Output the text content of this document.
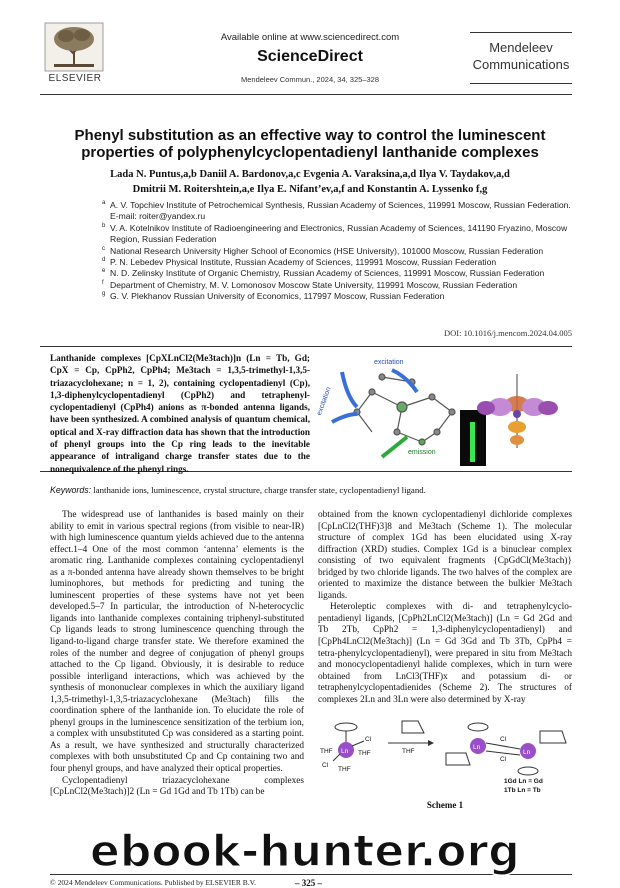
ELSEVIER
Available online at www.sciencedirect.com
ScienceDirect
Mendeleev Commun., 2024, 34, 325–328
Mendeleev
Communications
Phenyl substitution as an effective way to control the luminescent
properties of polyphenylcyclopentadienyl lanthanide complexes
Lada N. Puntus,a,b Daniil A. Bardonov,a,c Evgenia A. Varaksina,a,d Ilya V. Taydakov,a,d
Dmitrii M. Roitershtein,a,e Ilya E. Nifant’ev,a,f and Konstantin A. Lyssenko f,g
a A. V. Topchiev Institute of Petrochemical Synthesis, Russian Academy of Sciences, 119991 Moscow, Russian Federation. E-mail: roiter@yandex.ru
b V. A. Kotelnikov Institute of Radioengineering and Electronics, Russian Academy of Sciences, 141190 Fryazino, Moscow Region, Russian Federation
c National Research University Higher School of Economics (HSE University), 101000 Moscow, Russian Federation
d P. N. Lebedev Physical Institute, Russian Academy of Sciences, 119991 Moscow, Russian Federation
e N. D. Zelinsky Institute of Organic Chemistry, Russian Academy of Sciences, 119991 Moscow, Russian Federation
f Department of Chemistry, M. V. Lomonosov Moscow State University, 119991 Moscow, Russian Federation
g G. V. Plekhanov Russian University of Economics, 117997 Moscow, Russian Federation
DOI: 10.1016/j.mencom.2024.04.005
Lanthanide complexes [CpXLnCl2(Me3tach)]n (Ln = Tb, Gd; CpX = Cp, CpPh2, CpPh4; Me3tach = 1,3,5-trimethyl-1,3,5-triazacyclohexane; n = 1, 2), containing cyclopentadienyl (Cp), 1,3-diphenylcyclopentadienyl (CpPh2) and tetraphenyl-cyclopentadienyl (CpPh4) anions as π-bonded antenna ligands, have been synthesized. A combined analysis of quantum chemical, optical and X-ray diffraction data has shown that the introduction of phenyl groups into the Cp ring leads to the inevitable appearance of intraligand charge transfer states due to the nonequivalence of the phenyl rings.
excitation
excitation
emission
Keywords: lanthanide ions, luminescence, crystal structure, charge transfer state, cyclopentadienyl ligand.

The widespread use of lanthanides is based mainly on their ability to emit in various spectral regions (from visible to near-IR) with high luminescence quantum yields achieved due to the antenna effect.1–4 One of the most common ‘antenna’ elements is the aromatic ring. Lanthanide complexes containing cyclopentadienyl as a π-bonded antenna have already shown themselves to be bright luminophores, but methods for predicting and tuning the luminescent properties of these systems have not yet been developed.5–7 In particular, the introduction of N-heterocyclic ligands into lanthanide complexes containing triphenyl-substituted Cp ligands leads to strong luminescence quenching through the ligand-to-ligand charge transfer state. We therefore examined the roles of the number and degree of conjugation of phenyl groups attached to the Cp ligand. Obviously, it is desirable to reduce possible interligand interactions, which was achieved by the synthesis of mononuclear complexes in which the auxiliary ligand 1,3,5-trimethyl-1,3,5-triazacyclohexane (Me3tach) fills the coordination sphere of the lanthanide ion. To elucidate the role of phenyl groups in the luminescence sensitization of the terbium ion, a complex with unsubstituted Cp was considered as a starting point. As a result, we have synthesized and structurally characterized complexes with both unsubstituted Cp and Cp containing two and four phenyl groups, and have analyzed their optical properties.

Cyclopentadienyl triazacyclohexane complexes [CpLnCl2(Me3tach)]2 (Ln = Gd 1Gd and Tb 1Tb) can be

obtained from the known cyclopentadienyl dichloride complexes [CpLnCl2(THF)3]8 and Me3tach (Scheme 1). The molecular structure of complex 1Gd has been elucidated using X-ray diffraction (XRD) studies. Complex 1Gd is a binuclear complex consisting of two equivalent fragments {CpGdCl(Me3tach)} bridged by two chloride ligands. The two halves of the complex are oriented to maximize the distance between the bulkier Me3tach ligands.

Heteroleptic complexes with di- and tetraphenylcyclo-pentadienyl ligands, [CpPh2LnCl2(Me3tach)] (Ln = Gd 2Gd and Tb 2Tb, CpPh2 = 1,3-diphenylcyclopentadienyl) and [CpPh4LnCl2(Me3tach)] (Ln = Gd 3Gd and Tb 3Tb, CpPh4 = tetra-phenylcyclopentadienyl), were prepared in situ from Me3tach and monocyclopentadienyl halide complexes, which in turn were obtained from LnCl3(THF)x and potassium di- or tetraphenylcyclopentadienides (Scheme 2). The structures of complexes 2Ln and 3Ln were also determined by X-ray

Ln
Cl
Cl
THF	THF
THF
THF
Ln
Ln
Cl
Cl
1Gd Ln = Gd
1Tb Ln = Tb
Scheme 1
© 2024 Mendeleev Communications. Published by ELSEVIER B.V.	– 325 –
ebook-hunter.org
